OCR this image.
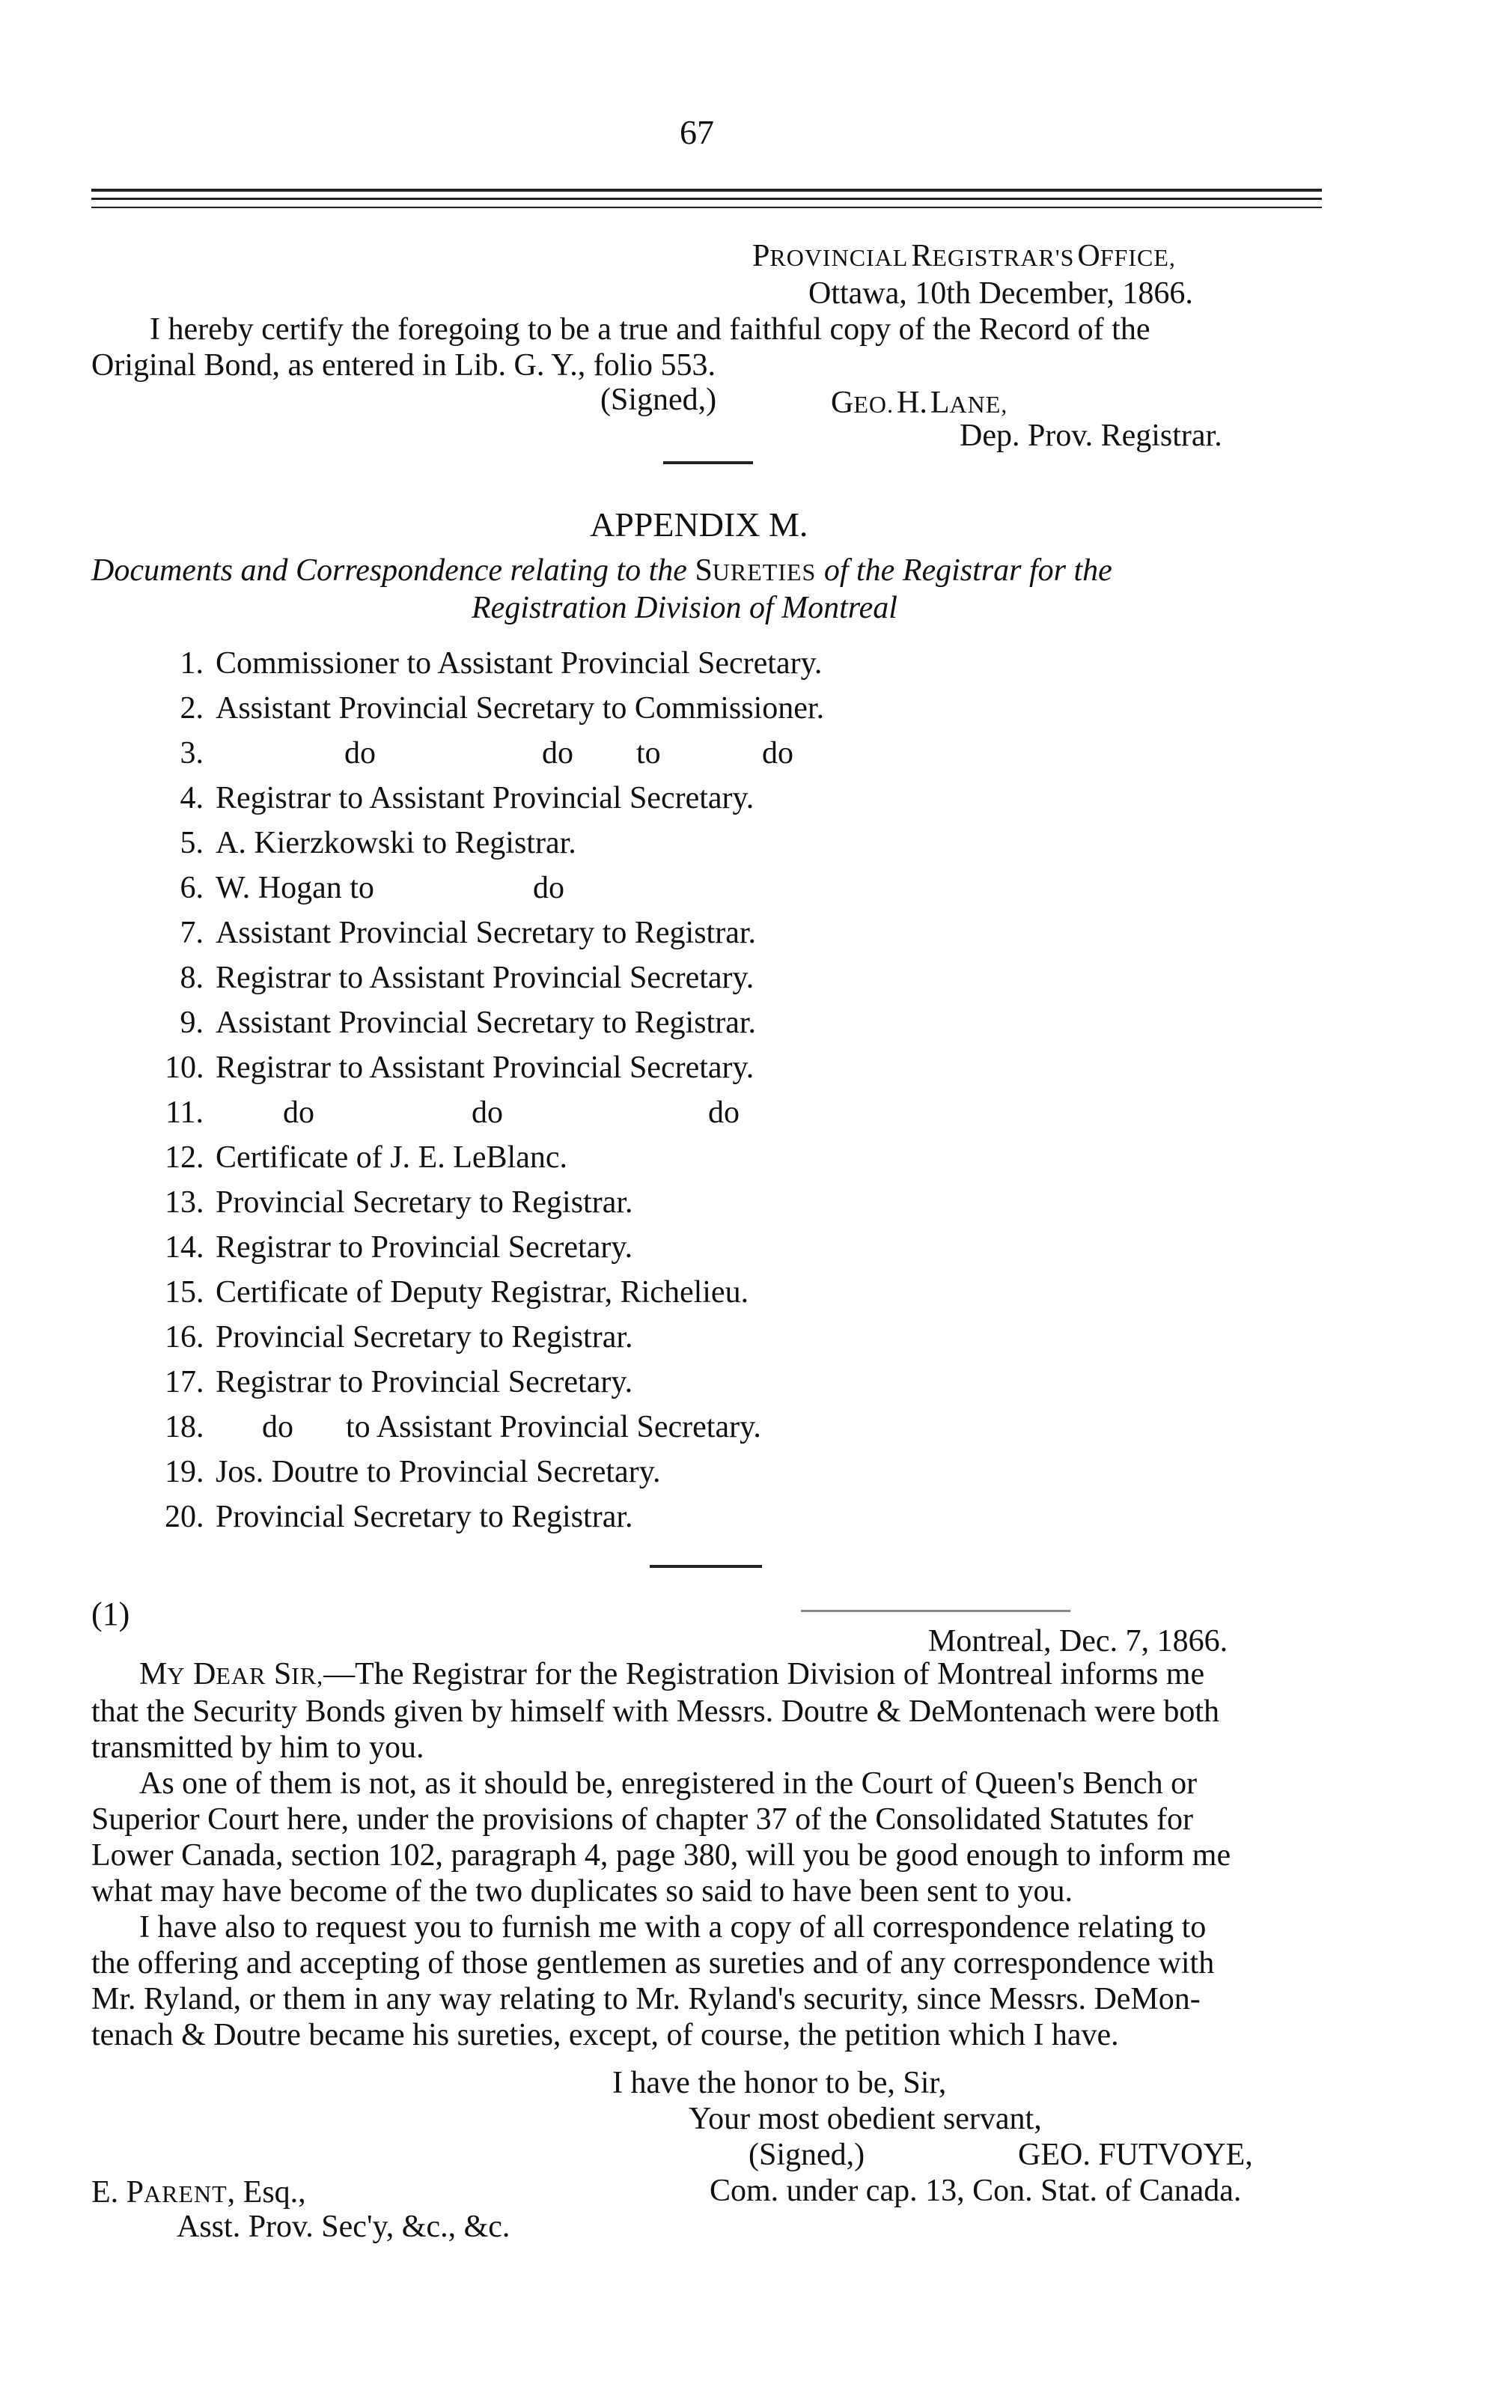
67
PROVINCIAL REGISTRAR'S OFFICE,
Ottawa, 10th December, 1866.
I hereby certify the foregoing to be a true and faithful copy of the Record of the
Original Bond, as entered in Lib. G. Y., folio 553.
(Signed,)	GEO. H. LANE,
Dep. Prov. Registrar.
APPENDIX M.
Documents and Correspondence relating to the SURETIES of the Registrar for the
Registration Division of Montreal
1. Commissioner to Assistant Provincial Secretary.
2. Assistant Provincial Secretary to Commissioner.
3.	do	do to	do
4. Registrar to Assistant Provincial Secretary.
5. A. Kierzkowski to Registrar.
6. W. Hogan to	do
7. Assistant Provincial Secretary to Registrar.
8. Registrar to Assistant Provincial Secretary.
9. Assistant Provincial Secretary to Registrar.
10. Registrar to Assistant Provincial Secretary.
11.	do	do	do
12. Certificate of J. E. LeBlanc.
13. Provincial Secretary to Registrar.
14. Registrar to Provincial Secretary.
15. Certificate of Deputy Registrar, Richelieu.
16. Provincial Secretary to Registrar.
17. Registrar to Provincial Secretary.
18. do to Assistant Provincial Secretary.
19. Jos. Doutre to Provincial Secretary.
20. Provincial Secretary to Registrar.
(1)
Montreal, Dec. 7, 1866.
MY DEAR SIR,—The Registrar for the Registration Division of Montreal informs me
that the Security Bonds given by himself with Messrs. Doutre & DeMontenach were both
transmitted by him to you.
As one of them is not, as it should be, enregistered in the Court of Queen's Bench or
Superior Court here, under the provisions of chapter 37 of the Consolidated Statutes for
Lower Canada, section 102, paragraph 4, page 380, will you be good enough to inform me
what may have become of the two duplicates so said to have been sent to you.
I have also to request you to furnish me with a copy of all correspondence relating to
the offering and accepting of those gentlemen as sureties and of any correspondence with
Mr. Ryland, or them in any way relating to Mr. Ryland's security, since Messrs. DeMon-
tenach & Doutre became his sureties, except, of course, the petition which I have.
I have the honor to be, Sir,
Your most obedient servant,
(Signed,)	GEO. FUTVOYE,
Com. under cap. 13, Con. Stat. of Canada.
E. PARENT, Esq.,
Asst. Prov. Sec'y, &c., &c.
